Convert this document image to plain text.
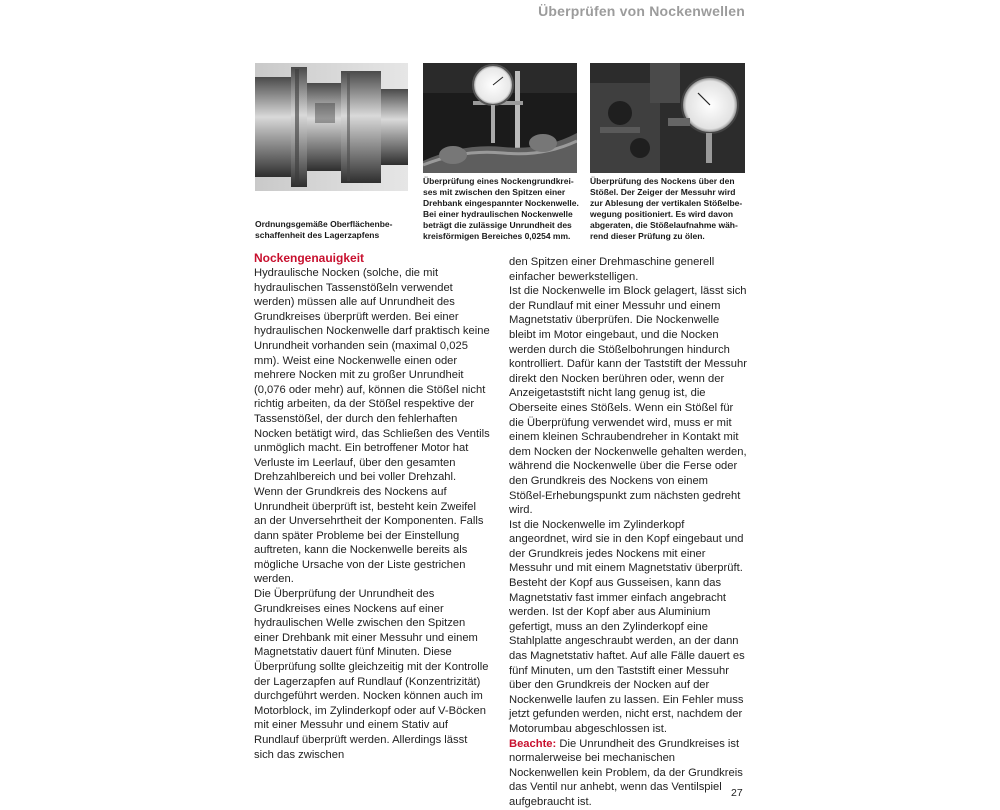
Überprüfen von Nockenwellen
Ordnungsgemäße Oberflächenbe-schaffenheit des Lagerzapfens
Überprüfung eines Nockengrundkrei-ses mit zwischen den Spitzen einer Drehbank eingespannter Nockenwelle. Bei einer hydraulischen Nockenwelle beträgt die zulässige Unrundheit des kreisförmigen Bereiches 0,0254 mm.
Überprüfung des Nockens über den Stößel. Der Zeiger der Messuhr wird zur Ablesung der vertikalen Stößelbe-wegung positioniert. Es wird davon abgeraten, die Stößelaufnahme wäh-rend dieser Prüfung zu ölen.

Nockengenauigkeit

Hydraulische Nocken (solche, die mit hydraulischen Tassenstößeln verwendet werden) müssen alle auf Unrundheit des Grundkreises überprüft werden. Bei einer hydraulischen Nockenwelle darf praktisch keine Unrundheit vorhanden sein (maximal 0,025 mm). Weist eine Nockenwelle einen oder mehrere Nocken mit zu großer Unrundheit (0,076 oder mehr) auf, können die Stößel nicht richtig arbeiten, da der Stößel respektive der Tassenstößel, der durch den fehlerhaften Nocken betätigt wird, das Schließen des Ventils unmöglich macht. Ein betroffener Motor hat Verluste im Leerlauf, über den gesamten Drehzahlbereich und bei voller Drehzahl.

Wenn der Grundkreis des Nockens auf Unrundheit überprüft ist, besteht kein Zweifel an der Unversehrtheit der Komponenten. Falls dann später Probleme bei der Einstellung auftreten, kann die Nockenwelle bereits als mögliche Ursache von der Liste gestrichen werden.

Die Überprüfung der Unrundheit des Grundkreises eines Nockens auf einer hydraulischen Welle zwischen den Spitzen einer Drehbank mit einer Messuhr und einem Magnetstativ dauert fünf Minuten. Diese Überprüfung sollte gleichzeitig mit der Kontrolle der Lagerzapfen auf Rundlauf (Konzentrizität) durchgeführt werden. Nocken können auch im Motorblock, im Zylinderkopf oder auf V-Böcken mit einer Messuhr und einem Stativ auf Rundlauf überprüft werden. Allerdings lässt sich das zwischen

den Spitzen einer Drehmaschine generell einfacher bewerkstelligen.

Ist die Nockenwelle im Block gelagert, lässt sich der Rundlauf mit einer Messuhr und einem Magnetstativ überprüfen. Die Nockenwelle bleibt im Motor eingebaut, und die Nocken werden durch die Stößelbohrungen hindurch kontrolliert. Dafür kann der Taststift der Messuhr direkt den Nocken berühren oder, wenn der Anzeigetaststift nicht lang genug ist, die Oberseite eines Stößels. Wenn ein Stößel für die Überprüfung verwendet wird, muss er mit einem kleinen Schraubendreher in Kontakt mit dem Nocken der Nockenwelle gehalten werden, während die Nockenwelle über die Ferse oder den Grundkreis des Nockens von einem Stößel-Erhebungspunkt zum nächsten gedreht wird.

Ist die Nockenwelle im Zylinderkopf angeordnet, wird sie in den Kopf eingebaut und der Grundkreis jedes Nockens mit einer Messuhr und mit einem Magnetstativ überprüft. Besteht der Kopf aus Gusseisen, kann das Magnetstativ fast immer einfach angebracht werden. Ist der Kopf aber aus Aluminium gefertigt, muss an den Zylinderkopf eine Stahlplatte angeschraubt werden, an der dann das Magnetstativ haftet. Auf alle Fälle dauert es fünf Minuten, um den Taststift einer Messuhr über den Grundkreis der Nocken auf der Nockenwelle laufen zu lassen. Ein Fehler muss jetzt gefunden werden, nicht erst, nachdem der Motorumbau abgeschlossen ist.

Beachte: Die Unrundheit des Grundkreises ist normalerweise bei mechanischen Nockenwellen kein Problem, da der Grundkreis das Ventil nur anhebt, wenn das Ventilspiel aufgebraucht ist.

27
